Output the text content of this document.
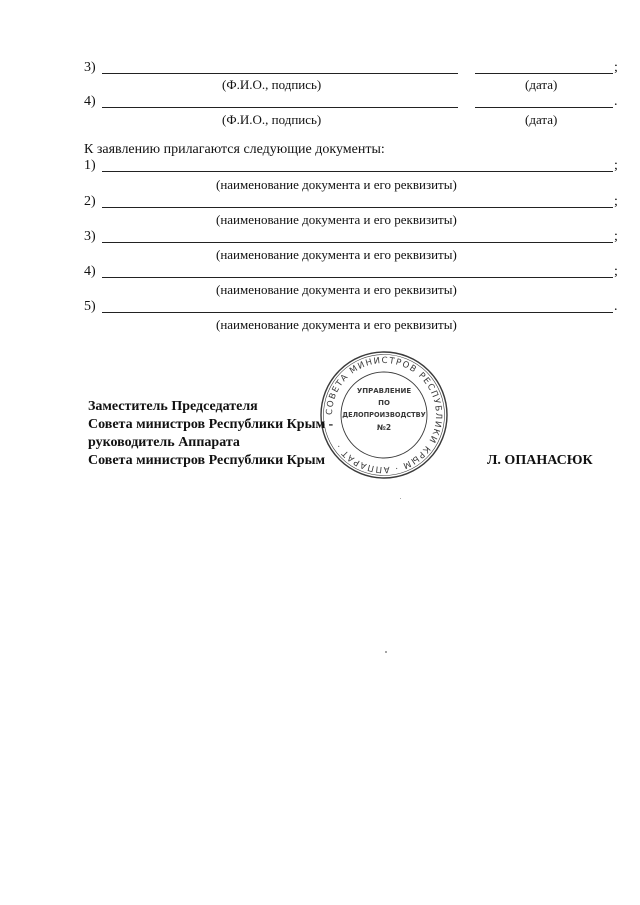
3)	;
(Ф.И.О., подпись)	(дата)
4)	.
(Ф.И.О., подпись)	(дата)
К заявлению прилагаются следующие документы:
1)	;
(наименование документа и его реквизиты)
2)	;
(наименование документа и его реквизиты)
3)	;
(наименование документа и его реквизиты)
4)	;
(наименование документа и его реквизиты)
5)	.
(наименование документа и его реквизиты)
СОВЕТА МИНИСТРОВ РЕСПУБЛИКИ КРЫМ · АППАРАТ ·
УПРАВЛЕНИЕ
ПО
ДЕЛОПРОИЗВОДСТВУ
№2
Заместитель Председателя
Совета министров Республики Крым -
руководитель Аппарата
Совета министров Республики Крым	Л. ОПАНАСЮК
